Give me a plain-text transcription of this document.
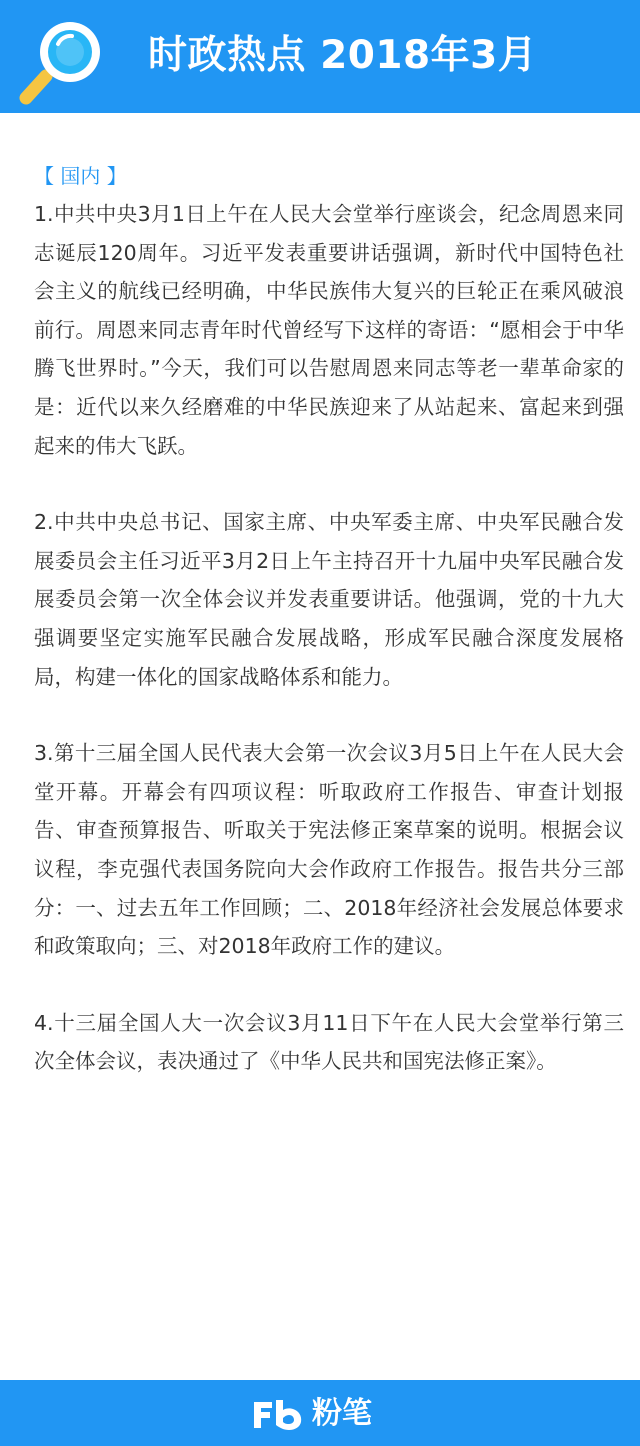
时政热点 2018年3月
【 国内 】

1.中共中央3月1日上午在人民大会堂举行座谈会，纪念周恩来同志诞辰120周年。习近平发表重要讲话强调，新时代中国特色社会主义的航线已经明确，中华民族伟大复兴的巨轮正在乘风破浪前行。周恩来同志青年时代曾经写下这样的寄语：“愿相会于中华腾飞世界时。”今天，我们可以告慰周恩来同志等老一辈革命家的是：近代以来久经磨难的中华民族迎来了从站起来、富起来到强起来的伟大飞跃。

2.中共中央总书记、国家主席、中央军委主席、中央军民融合发展委员会主任习近平3月2日上午主持召开十九届中央军民融合发展委员会第一次全体会议并发表重要讲话。他强调，党的十九大强调要坚定实施军民融合发展战略，形成军民融合深度发展格局，构建一体化的国家战略体系和能力。

3.第十三届全国人民代表大会第一次会议3月5日上午在人民大会堂开幕。开幕会有四项议程：听取政府工作报告、审查计划报告、审查预算报告、听取关于宪法修正案草案的说明。根据会议议程，李克强代表国务院向大会作政府工作报告。报告共分三部分：一、过去五年工作回顾；二、2018年经济社会发展总体要求和政策取向；三、对2018年政府工作的建议。

4.十三届全国人大一次会议3月11日下午在人民大会堂举行第三次全体会议，表决通过了《中华人民共和国宪法修正案》。

粉笔
